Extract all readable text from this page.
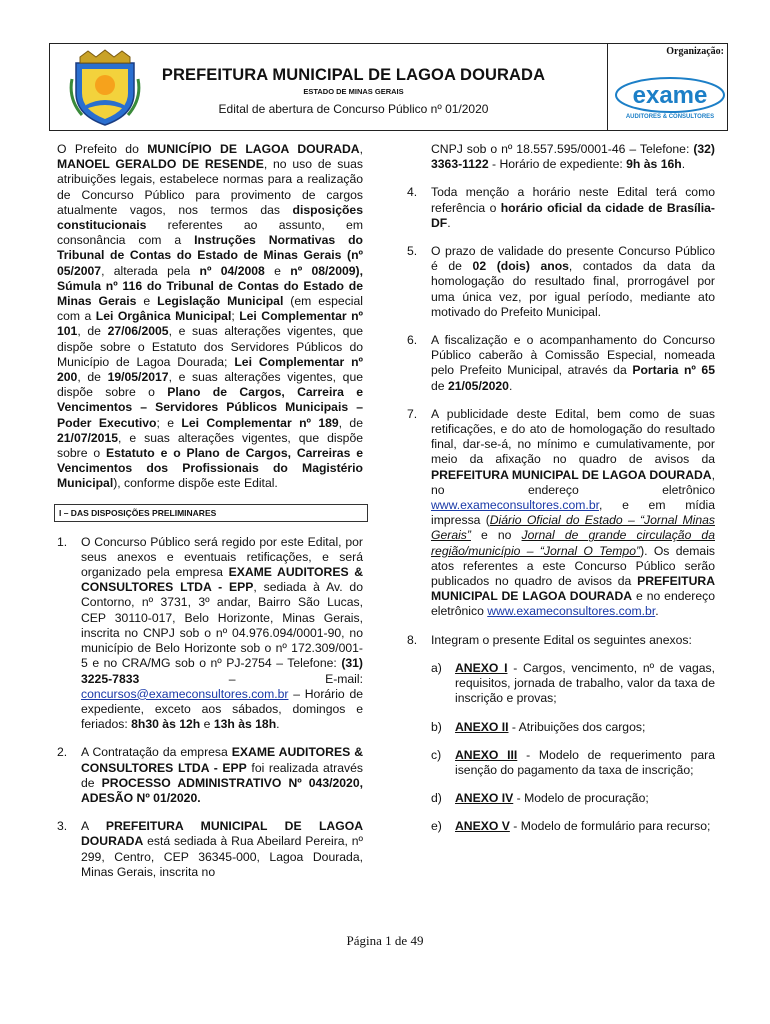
PREFEITURA MUNICIPAL DE LAGOA DOURADA
ESTADO DE MINAS GERAIS
Edital de abertura de Concurso Público nº 01/2020
Organização:
exame
AUDITORES & CONSULTORES

O Prefeito do MUNICÍPIO DE LAGOA DOURADA, MANOEL GERALDO DE RESENDE, no uso de suas atribuições legais, estabelece normas para a realização de Concurso Público para provimento de cargos atualmente vagos, nos termos das disposições constitucionais referentes ao assunto, em consonância com a Instruções Normativas do Tribunal de Contas do Estado de Minas Gerais (nº 05/2007, alterada pela nº 04/2008 e nº 08/2009), Súmula nº 116 do Tribunal de Contas do Estado de Minas Gerais e Legislação Municipal (em especial com a Lei Orgânica Municipal; Lei Complementar nº 101, de 27/06/2005, e suas alterações vigentes, que dispõe sobre o Estatuto dos Servidores Públicos do Município de Lagoa Dourada; Lei Complementar nº 200, de 19/05/2017, e suas alterações vigentes, que dispõe sobre o Plano de Cargos, Carreira e Vencimentos – Servidores Públicos Municipais – Poder Executivo; e Lei Complementar nº 189, de 21/07/2015, e suas alterações vigentes, que dispõe sobre o Estatuto e o Plano de Cargos, Carreiras e Vencimentos dos Profissionais do Magistério Municipal), conforme dispõe este Edital.

I – DAS DISPOSIÇÕES PRELIMINARES
1. O Concurso Público será regido por este Edital, por seus anexos e eventuais retificações, e será organizado pela empresa EXAME AUDITORES & CONSULTORES LTDA - EPP, sediada à Av. do Contorno, nº 3731, 3º andar, Bairro São Lucas, CEP 30110-017, Belo Horizonte, Minas Gerais, inscrita no CNPJ sob o nº 04.976.094/0001-90, no município de Belo Horizonte sob o nº 172.309/001-5 e no CRA/MG sob o nº PJ-2754 – Telefone: (31) 3225-7833 – E-mail: concursos@exameconsultores.com.br – Horário de expediente, exceto aos sábados, domingos e feriados: 8h30 às 12h e 13h às 18h.
2. A Contratação da empresa EXAME AUDITORES & CONSULTORES LTDA - EPP foi realizada através de PROCESSO ADMINISTRATIVO Nº 043/2020, ADESÃO Nº 01/2020.
3. A PREFEITURA MUNICIPAL DE LAGOA DOURADA está sediada à Rua Abeilard Pereira, nº 299, Centro, CEP 36345-000, Lagoa Dourada, Minas Gerais, inscrita no

CNPJ sob o nº 18.557.595/0001-46 – Telefone: (32) 3363-1122 - Horário de expediente: 9h às 16h.

4. Toda menção a horário neste Edital terá como referência o horário oficial da cidade de Brasília-DF.
5. O prazo de validade do presente Concurso Público é de 02 (dois) anos, contados da data da homologação do resultado final, prorrogável por uma única vez, por igual período, mediante ato motivado do Prefeito Municipal.
6. A fiscalização e o acompanhamento do Concurso Público caberão à Comissão Especial, nomeada pelo Prefeito Municipal, através da Portaria nº 65 de 21/05/2020.
7. A publicidade deste Edital, bem como de suas retificações, e do ato de homologação do resultado final, dar-se-á, no mínimo e cumulativamente, por meio da afixação no quadro de avisos da PREFEITURA MUNICIPAL DE LAGOA DOURADA, no endereço eletrônico www.exameconsultores.com.br, e em mídia impressa (Diário Oficial do Estado – “Jornal Minas Gerais” e no Jornal de grande circulação da região/município – “Jornal O Tempo”). Os demais atos referentes a este Concurso Público serão publicados no quadro de avisos da PREFEITURA MUNICIPAL DE LAGOA DOURADA e no endereço eletrônico www.exameconsultores.com.br.
8. Integram o presente Edital os seguintes anexos:
a) ANEXO I - Cargos, vencimento, nº de vagas, requisitos, jornada de trabalho, valor da taxa de inscrição e provas;
b) ANEXO II - Atribuições dos cargos;
c) ANEXO III - Modelo de requerimento para isenção do pagamento da taxa de inscrição;
d) ANEXO IV - Modelo de procuração;
e) ANEXO V - Modelo de formulário para recurso;
Página 1 de 49
